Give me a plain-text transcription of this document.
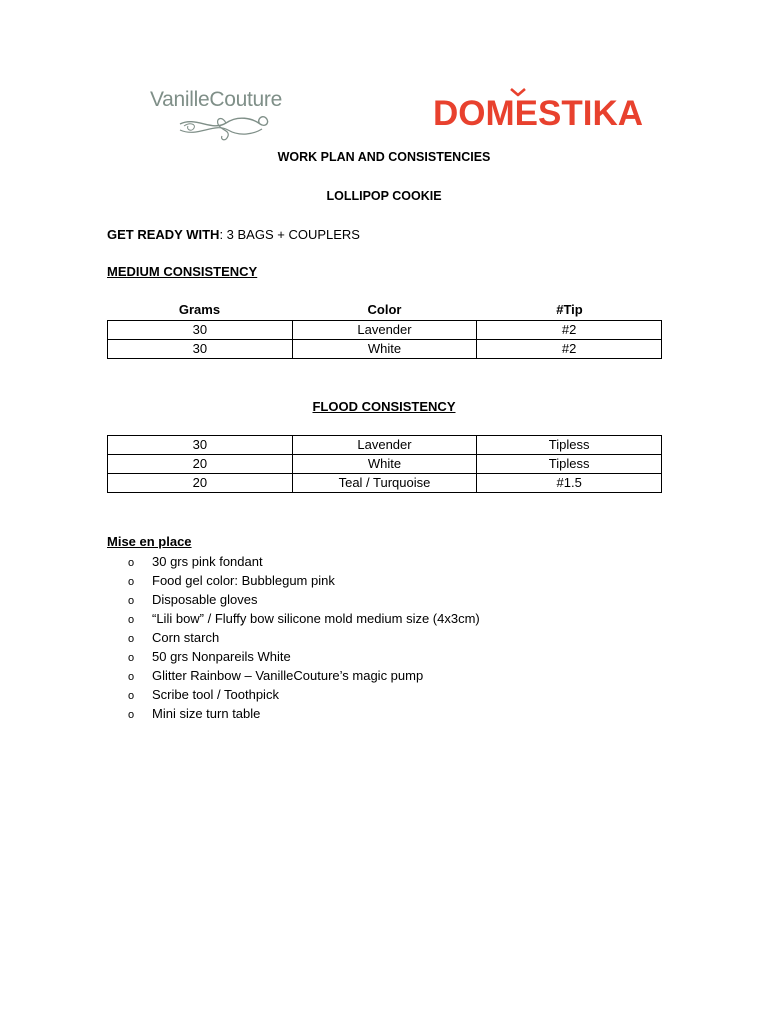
VanilleCouture	DOMESTIKA
WORK PLAN AND CONSISTENCIES
LOLLIPOP COOKIE
GET READY WITH: 3 BAGS + COUPLERS
MEDIUM CONSISTENCY
Grams	Color	#Tip
30	Lavender	#2
30	White	#2
FLOOD CONSISTENCY
30	Lavender	Tipless
20	White	Tipless
20	Teal / Turquoise	#1.5
Mise en place
o 30 grs pink fondant
o Food gel color: Bubblegum pink
o Disposable gloves
o “Lili bow” / Fluffy bow silicone mold medium size (4x3cm)
o Corn starch
o 50 grs Nonpareils White
o Glitter Rainbow – VanilleCouture’s magic pump
o Scribe tool / Toothpick
o Mini size turn table
